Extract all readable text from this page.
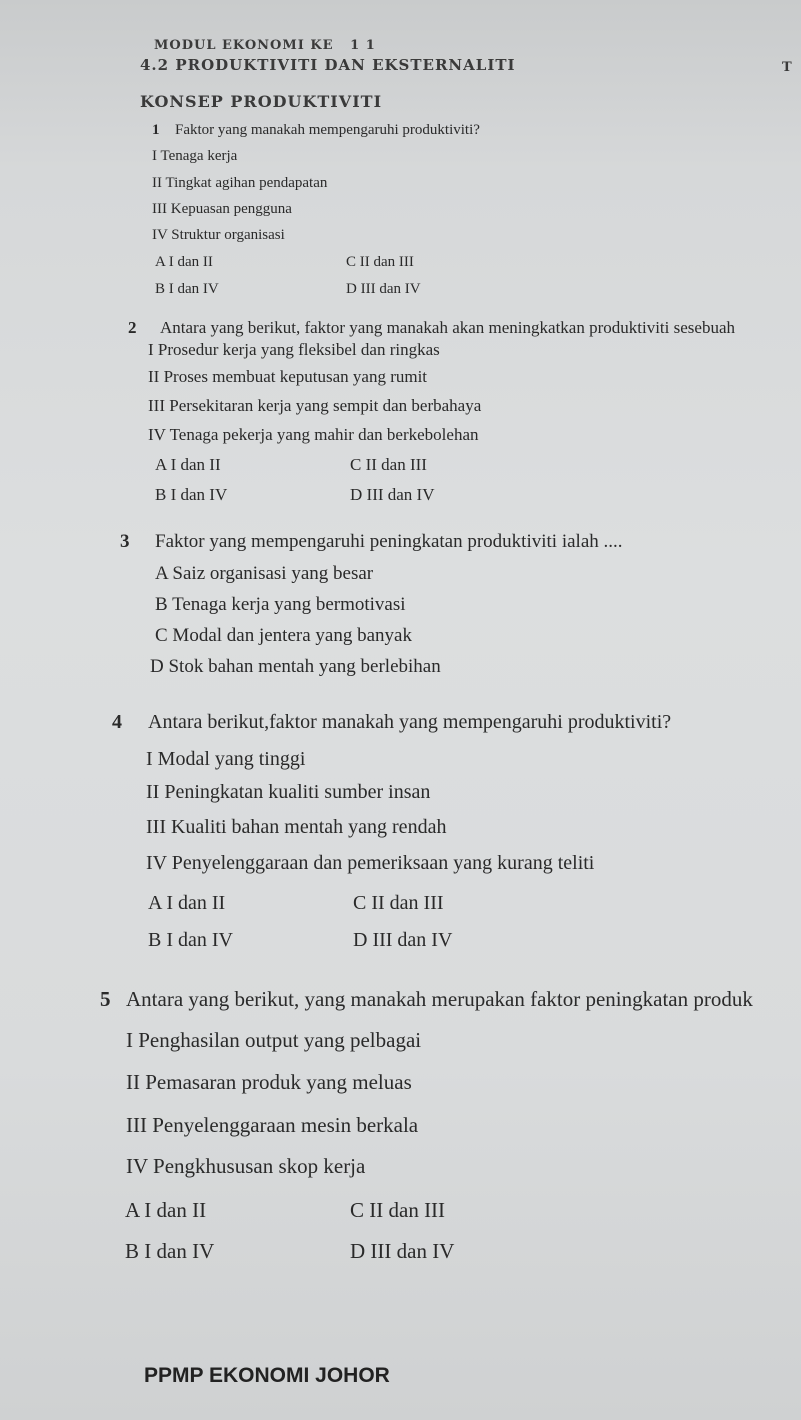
MODUL EKONOMI KE 1 1
4.2 PRODUKTIVITI DAN EKSTERNALITI	T
KONSEP PRODUKTIVITI
1 Faktor yang manakah mempengaruhi produktiviti?
I Tenaga kerja
II Tingkat agihan pendapatan
III Kepuasan pengguna
IV Struktur organisasi
A I dan II	C II dan III
B I dan IV	D III dan IV
2 Antara yang berikut, faktor yang manakah akan meningkatkan produktiviti sesebuah
I Prosedur kerja yang fleksibel dan ringkas
II Proses membuat keputusan yang rumit
III Persekitaran kerja yang sempit dan berbahaya
IV Tenaga pekerja yang mahir dan berkebolehan
A I dan II	C II dan III
B I dan IV	D III dan IV
3 Faktor yang mempengaruhi peningkatan produktiviti ialah ....
A Saiz organisasi yang besar
B Tenaga kerja yang bermotivasi
C Modal dan jentera yang banyak
D Stok bahan mentah yang berlebihan
4 Antara berikut,faktor manakah yang mempengaruhi produktiviti?
I Modal yang tinggi
II Peningkatan kualiti sumber insan
III Kualiti bahan mentah yang rendah
IV Penyelenggaraan dan pemeriksaan yang kurang teliti
A I dan II	C II dan III
B I dan IV	D III dan IV
5 Antara yang berikut, yang manakah merupakan faktor peningkatan produk
I Penghasilan output yang pelbagai
II Pemasaran produk yang meluas
III Penyelenggaraan mesin berkala
IV Pengkhususan skop kerja
A I dan II	C II dan III
B I dan IV	D III dan IV
PPMP EKONOMI JOHOR
